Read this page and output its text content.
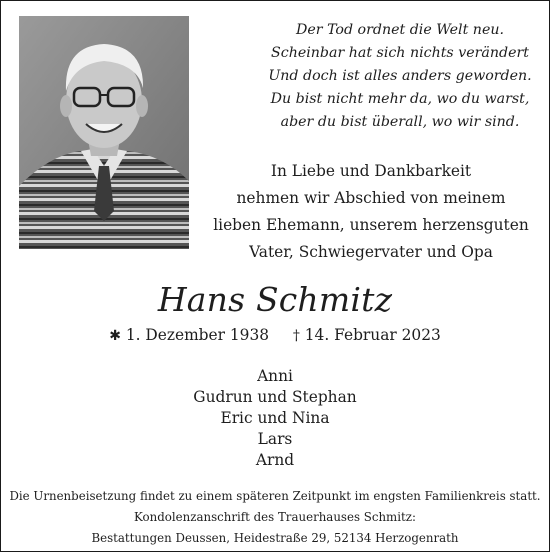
Der Tod ordnet die Welt neu.
Scheinbar hat sich nichts verändert
Und doch ist alles anders geworden.
Du bist nicht mehr da, wo du warst,
aber du bist überall, wo wir sind.
In Liebe und Dankbarkeit
nehmen wir Abschied von meinem
lieben Ehemann, unserem herzensguten
Vater, Schwiegervater und Opa
Hans Schmitz
✱ 1. Dezember 1938 † 14. Februar 2023
Anni
Gudrun und Stephan
Eric und Nina
Lars
Arnd
Die Urnenbeisetzung findet zu einem späteren Zeitpunkt im engsten Familienkreis statt.
Kondolenzanschrift des Trauerhauses Schmitz:
Bestattungen Deussen, Heidestraße 29, 52134 Herzogenrath
